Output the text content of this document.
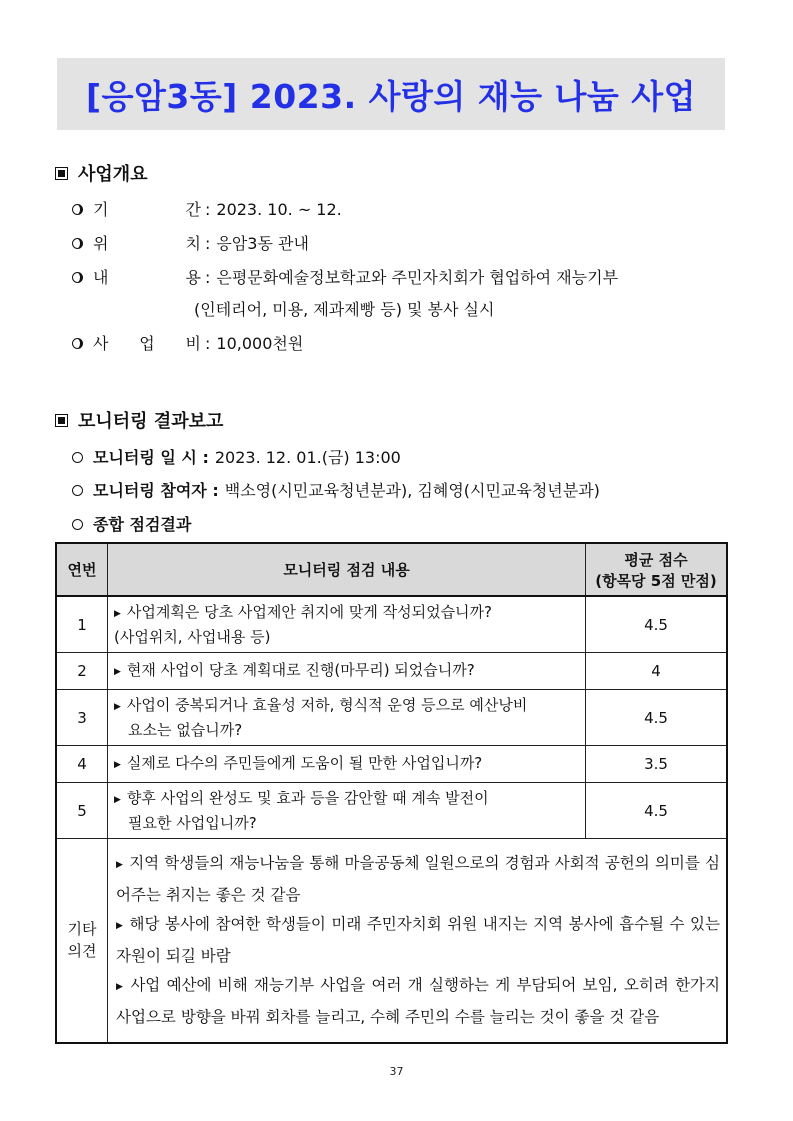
[응암3동] 2023. 사랑의 재능 나눔 사업
사업개요
기	간 : 2023. 10. ~ 12.
위	치 : 응암3동 관내
내	용 : 은평문화예술정보학교와 주민자치회가 협업하여 재능기부
(인테리어, 미용, 제과제빵 등) 및 봉사 실시
사 업 비 : 10,000천원
모니터링 결과보고
모니터링 일 시 : 2023. 12. 01.(금) 13:00
모니터링 참여자 : 백소영(시민교육청년분과), 김혜영(시민교육청년분과)
종합 점검결과
연번	모니터링 점검 내용	평균 점수
(항목당 5점 만점)

1	▶ 사업계획은 당초 사업제안 취지에 맞게 작성되었습니까?
(사업위치, 사업내용 등)	4.5
2	▶ 현재 사업이 당초 계획대로 진행(마무리) 되었습니까?	4
3	▶ 사업이 중복되거나 효율성 저하, 형식적 운영 등으로 예산낭비
요소는 없습니까?	4.5
4	▶ 실제로 다수의 주민들에게 도움이 될 만한 사업입니까?	3.5
5	▶ 향후 사업의 완성도 및 효과 등을 감안할 때 계속 발전이
필요한 사업입니까?	4.5

기타
의견

▶ 지역 학생들의 재능나눔을 통해 마을공동체 일원으로의 경험과 사회적 공헌의 의미를 심어주는 취지는 좋은 것 같음
▶ 해당 봉사에 참여한 학생들이 미래 주민자치회 위원 내지는 지역 봉사에 흡수될 수 있는 자원이 되길 바람
▶ 사업 예산에 비해 재능기부 사업을 여러 개 실행하는 게 부담되어 보임, 오히려 한가지 사업으로 방향을 바꿔 회차를 늘리고, 수혜 주민의 수를 늘리는 것이 좋을 것 같음
37
